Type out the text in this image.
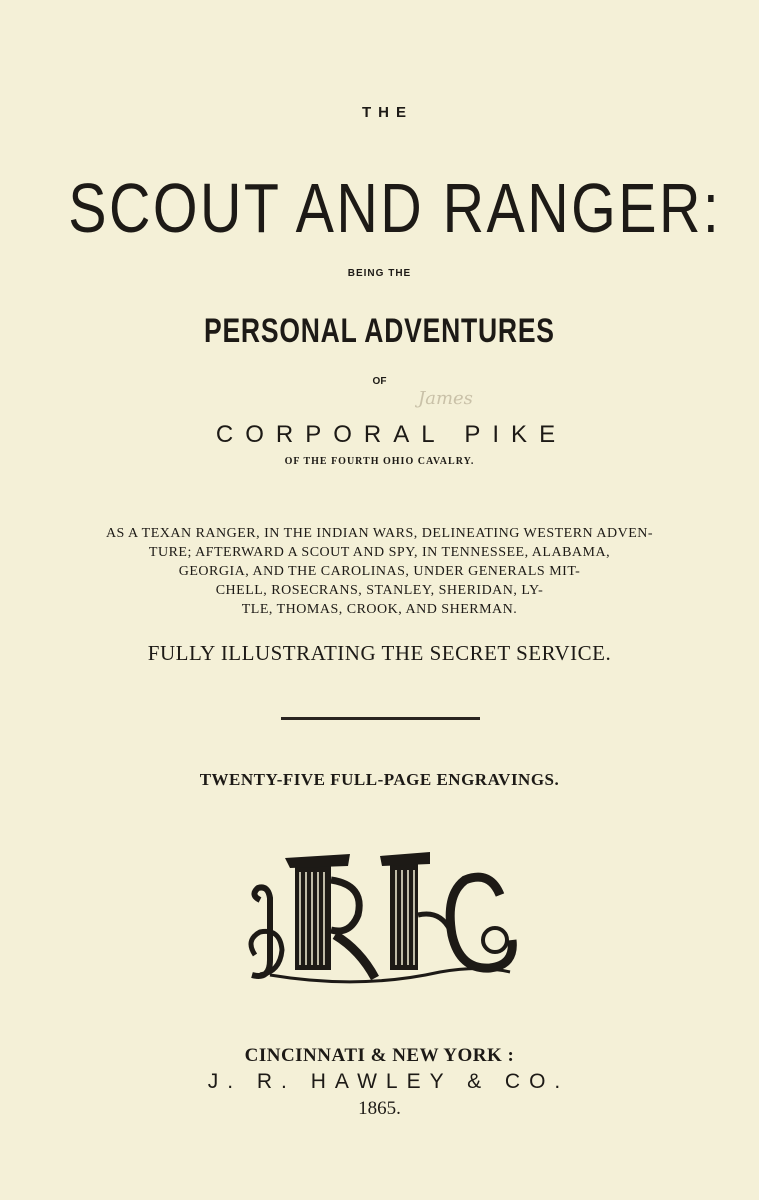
THE
SCOUT AND RANGER:
BEING THE
PERSONAL ADVENTURES
OF
James
CORPORAL PIKE
OF THE FOURTH OHIO CAVALRY.
AS A TEXAN RANGER, IN THE INDIAN WARS, DELINEATING WESTERN ADVEN-
TURE; AFTERWARD A SCOUT AND SPY, IN TENNESSEE, ALABAMA,
GEORGIA, AND THE CAROLINAS, UNDER GENERALS MIT-
CHELL, ROSECRANS, STANLEY, SHERIDAN, LY-
TLE, THOMAS, CROOK, AND SHERMAN.
FULLY ILLUSTRATING THE SECRET SERVICE.
TWENTY-FIVE FULL-PAGE ENGRAVINGS.
CINCINNATI & NEW YORK :
J. R. HAWLEY & CO.
1865.
